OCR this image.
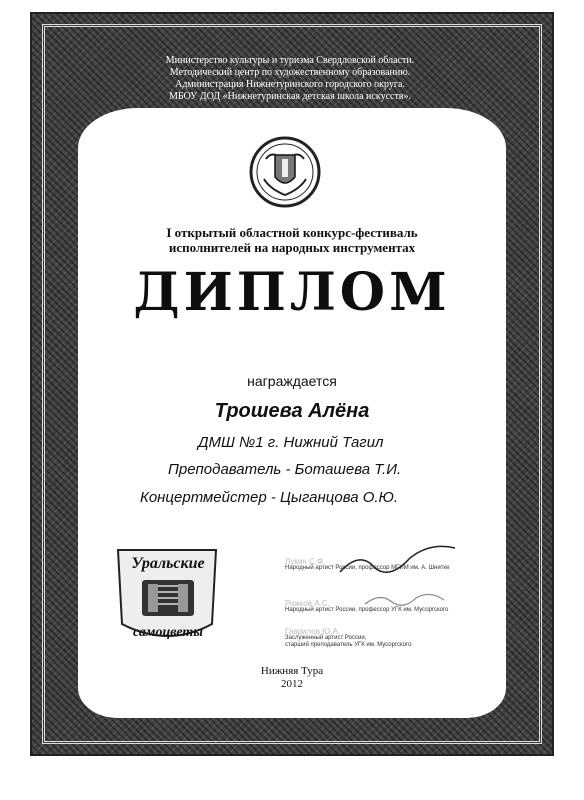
Министерство культуры и туризма Свердловской области.
Методический центр по художественному образованию.
Администрация Нижнетуринского городского округа.
МБОУ ДОД «Нижнетуринская детская школа искусств».
I открытый областной конкурс-фестиваль
исполнителей на народных инструментах
ДИПЛОМ
награждается
Трошева Алёна
ДМШ №1 г. Нижний Тагил
Преподаватель - Боташева Т.И.
Концертмейстер - Цыганцова О.Ю.
Уральские
самоцветы
Лукин С.Ф.
Народный артист России, профессор МГИМ им. А. Шнитке
Рожков А.С.
Народный артист России, профессор УГК им. Мусоргского
Гаврилов Ю.А.
Заслуженный артист России,
старший преподаватель УГК им. Мусоргского
Нижняя Тура
2012
